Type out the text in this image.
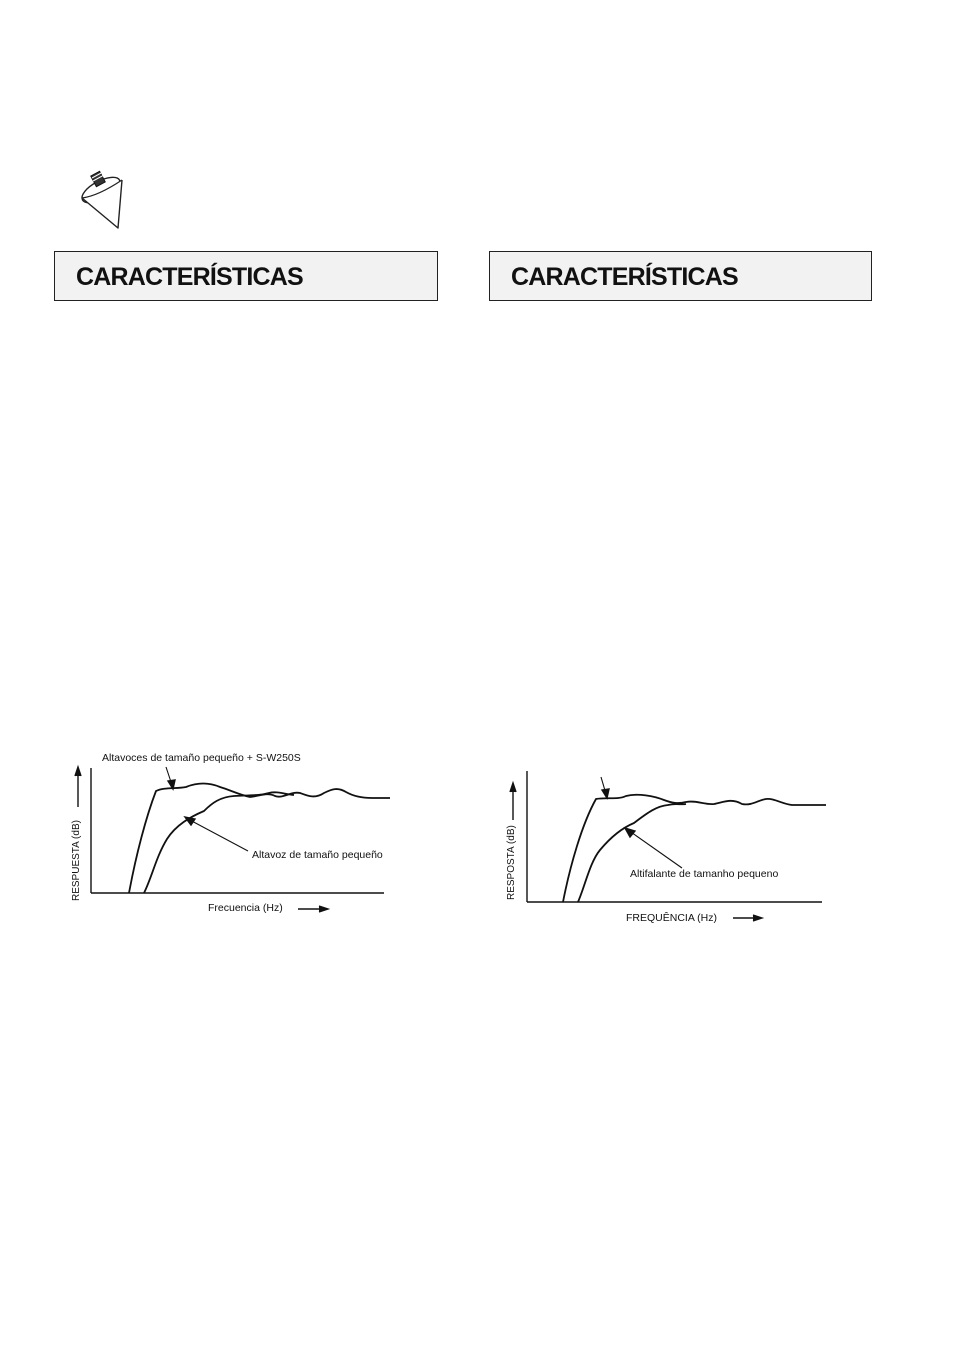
CARACTERÍSTICAS	CARACTERÍSTICAS
Altavoces de tamaño pequeño + S-W250S
Altavoz de tamaño pequeño
Frecuencia (Hz)
RESPUESTA (dB)	Altifalante de tamanho pequeno
FREQUÊNCIA (Hz)
RESPOSTA (dB)
